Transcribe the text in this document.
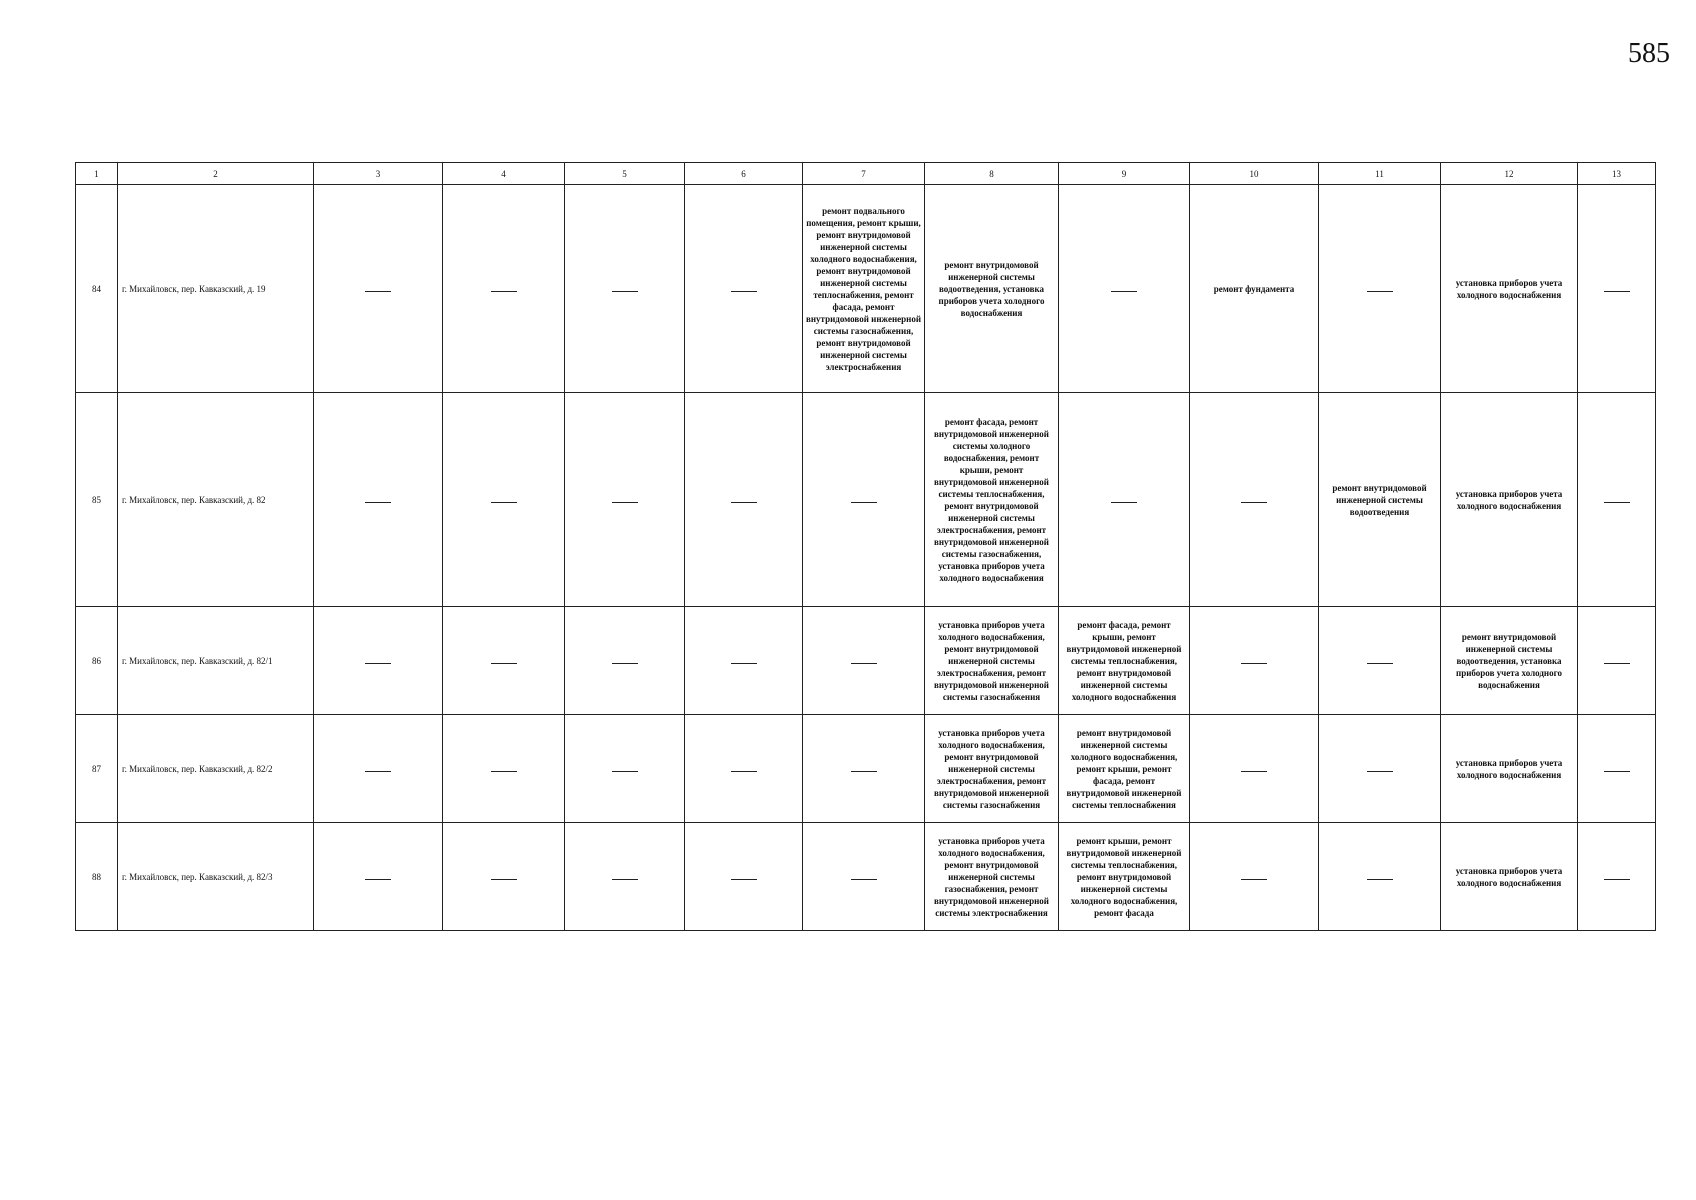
585
1	2	3	4	5	6	7	8	9	10	11	12	13
84	г. Михайловск, пер. Кавказский, д. 19					ремонт подвального помещения, ремонт крыши, ремонт внутридомовой инженерной системы холодного водоснабжения, ремонт внутридомовой инженерной системы теплоснабжения, ремонт фасада, ремонт внутридомовой инженерной системы газоснабжения, ремонт внутридомовой инженерной системы электроснабжения	ремонт внутридомовой инженерной системы водоотведения, установка приборов учета холодного водоснабжения		ремонт фундамента		установка приборов учета холодного водоснабжения	
85	г. Михайловск, пер. Кавказский, д. 82						ремонт фасада, ремонт внутридомовой инженерной системы холодного водоснабжения, ремонт крыши, ремонт внутридомовой инженерной системы теплоснабжения, ремонт внутридомовой инженерной системы электроснабжения, ремонт внутридомовой инженерной системы газоснабжения, установка приборов учета холодного водоснабжения			ремонт внутридомовой инженерной системы водоотведения	установка приборов учета холодного водоснабжения	
86	г. Михайловск, пер. Кавказский, д. 82/1						установка приборов учета холодного водоснабжения, ремонт внутридомовой инженерной системы электроснабжения, ремонт внутридомовой инженерной системы газоснабжения	ремонт фасада, ремонт крыши, ремонт внутридомовой инженерной системы теплоснабжения, ремонт внутридомовой инженерной системы холодного водоснабжения			ремонт внутридомовой инженерной системы водоотведения, установка приборов учета холодного водоснабжения	
87	г. Михайловск, пер. Кавказский, д. 82/2						установка приборов учета холодного водоснабжения, ремонт внутридомовой инженерной системы электроснабжения, ремонт внутридомовой инженерной системы газоснабжения	ремонт внутридомовой инженерной системы холодного водоснабжения, ремонт крыши, ремонт фасада, ремонт внутридомовой инженерной системы теплоснабжения			установка приборов учета холодного водоснабжения	
88	г. Михайловск, пер. Кавказский, д. 82/3						установка приборов учета холодного водоснабжения, ремонт внутридомовой инженерной системы газоснабжения, ремонт внутридомовой инженерной системы электроснабжения	ремонт крыши, ремонт внутридомовой инженерной системы теплоснабжения, ремонт внутридомовой инженерной системы холодного водоснабжения, ремонт фасада			установка приборов учета холодного водоснабжения	
